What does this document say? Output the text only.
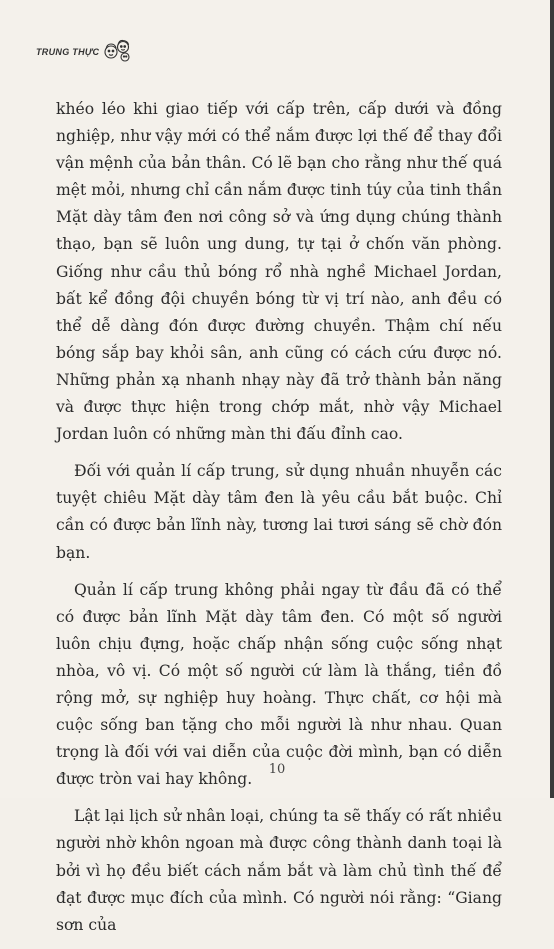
TRUNG THỰC

khéo léo khi giao tiếp với cấp trên, cấp dưới và đồng nghiệp, như vậy mới có thể nắm được lợi thế để thay đổi vận mệnh của bản thân. Có lẽ bạn cho rằng như thế quá mệt mỏi, nhưng chỉ cần nắm được tinh túy của tinh thần Mặt dày tâm đen nơi công sở và ứng dụng chúng thành thạo, bạn sẽ luôn ung dung, tự tại ở chốn văn phòng. Giống như cầu thủ bóng rổ nhà nghề Michael Jordan, bất kể đồng đội chuyền bóng từ vị trí nào, anh đều có thể dễ dàng đón được đường chuyền. Thậm chí nếu bóng sắp bay khỏi sân, anh cũng có cách cứu được nó. Những phản xạ nhanh nhạy này đã trở thành bản năng và được thực hiện trong chớp mắt, nhờ vậy Michael Jordan luôn có những màn thi đấu đỉnh cao.

Đối với quản lí cấp trung, sử dụng nhuần nhuyễn các tuyệt chiêu Mặt dày tâm đen là yêu cầu bắt buộc. Chỉ cần có được bản lĩnh này, tương lai tươi sáng sẽ chờ đón bạn.

Quản lí cấp trung không phải ngay từ đầu đã có thể có được bản lĩnh Mặt dày tâm đen. Có một số người luôn chịu đựng, hoặc chấp nhận sống cuộc sống nhạt nhòa, vô vị. Có một số người cứ làm là thắng, tiền đồ rộng mở, sự nghiệp huy hoàng. Thực chất, cơ hội mà cuộc sống ban tặng cho mỗi người là như nhau. Quan trọng là đối với vai diễn của cuộc đời mình, bạn có diễn được tròn vai hay không.

Lật lại lịch sử nhân loại, chúng ta sẽ thấy có rất nhiều người nhờ khôn ngoan mà được công thành danh toại là bởi vì họ đều biết cách nắm bắt và làm chủ tình thế để đạt được mục đích của mình. Có người nói rằng: “Giang sơn của

10
